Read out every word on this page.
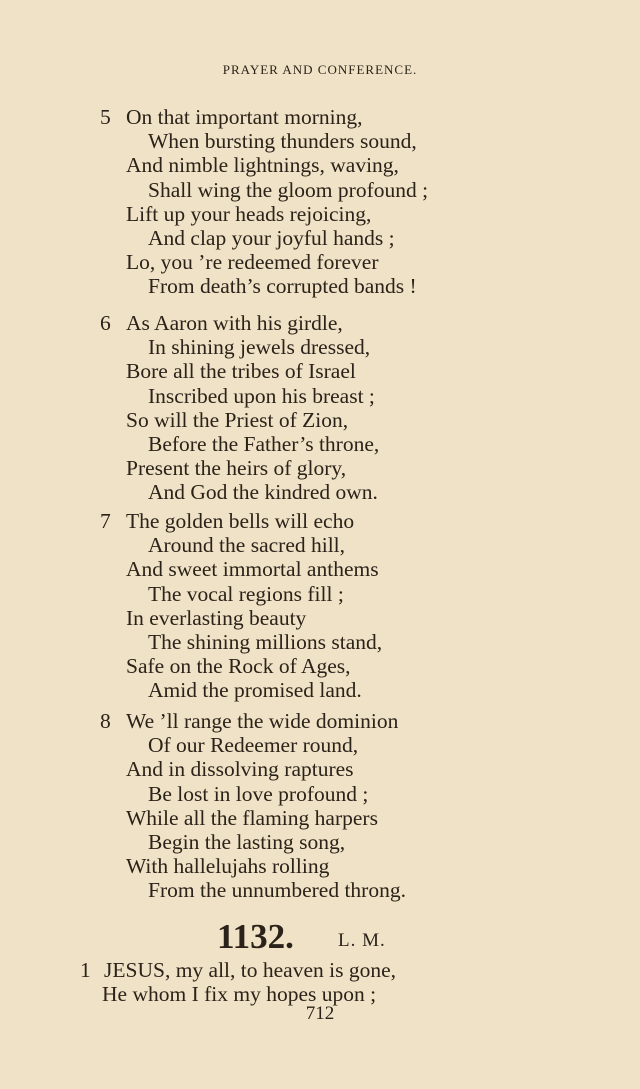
PRAYER AND CONFERENCE.
5 On that important morning,
When bursting thunders sound,
And nimble lightnings, waving,
Shall wing the gloom profound ;
Lift up your heads rejoicing,
And clap your joyful hands ;
Lo, you ’re redeemed forever
From death’s corrupted bands !
6 As Aaron with his girdle,
In shining jewels dressed,
Bore all the tribes of Israel
Inscribed upon his breast ;
So will the Priest of Zion,
Before the Father’s throne,
Present the heirs of glory,
And God the kindred own.
7 The golden bells will echo
Around the sacred hill,
And sweet immortal anthems
The vocal regions fill ;
In everlasting beauty
The shining millions stand,
Safe on the Rock of Ages,
Amid the promised land.
8 We ’ll range the wide dominion
Of our Redeemer round,
And in dissolving raptures
Be lost in love profound ;
While all the flaming harpers
Begin the lasting song,
With hallelujahs rolling
From the unnumbered throng.
1132. L. M.
1 JESUS, my all, to heaven is gone,
He whom I fix my hopes upon ;
712
